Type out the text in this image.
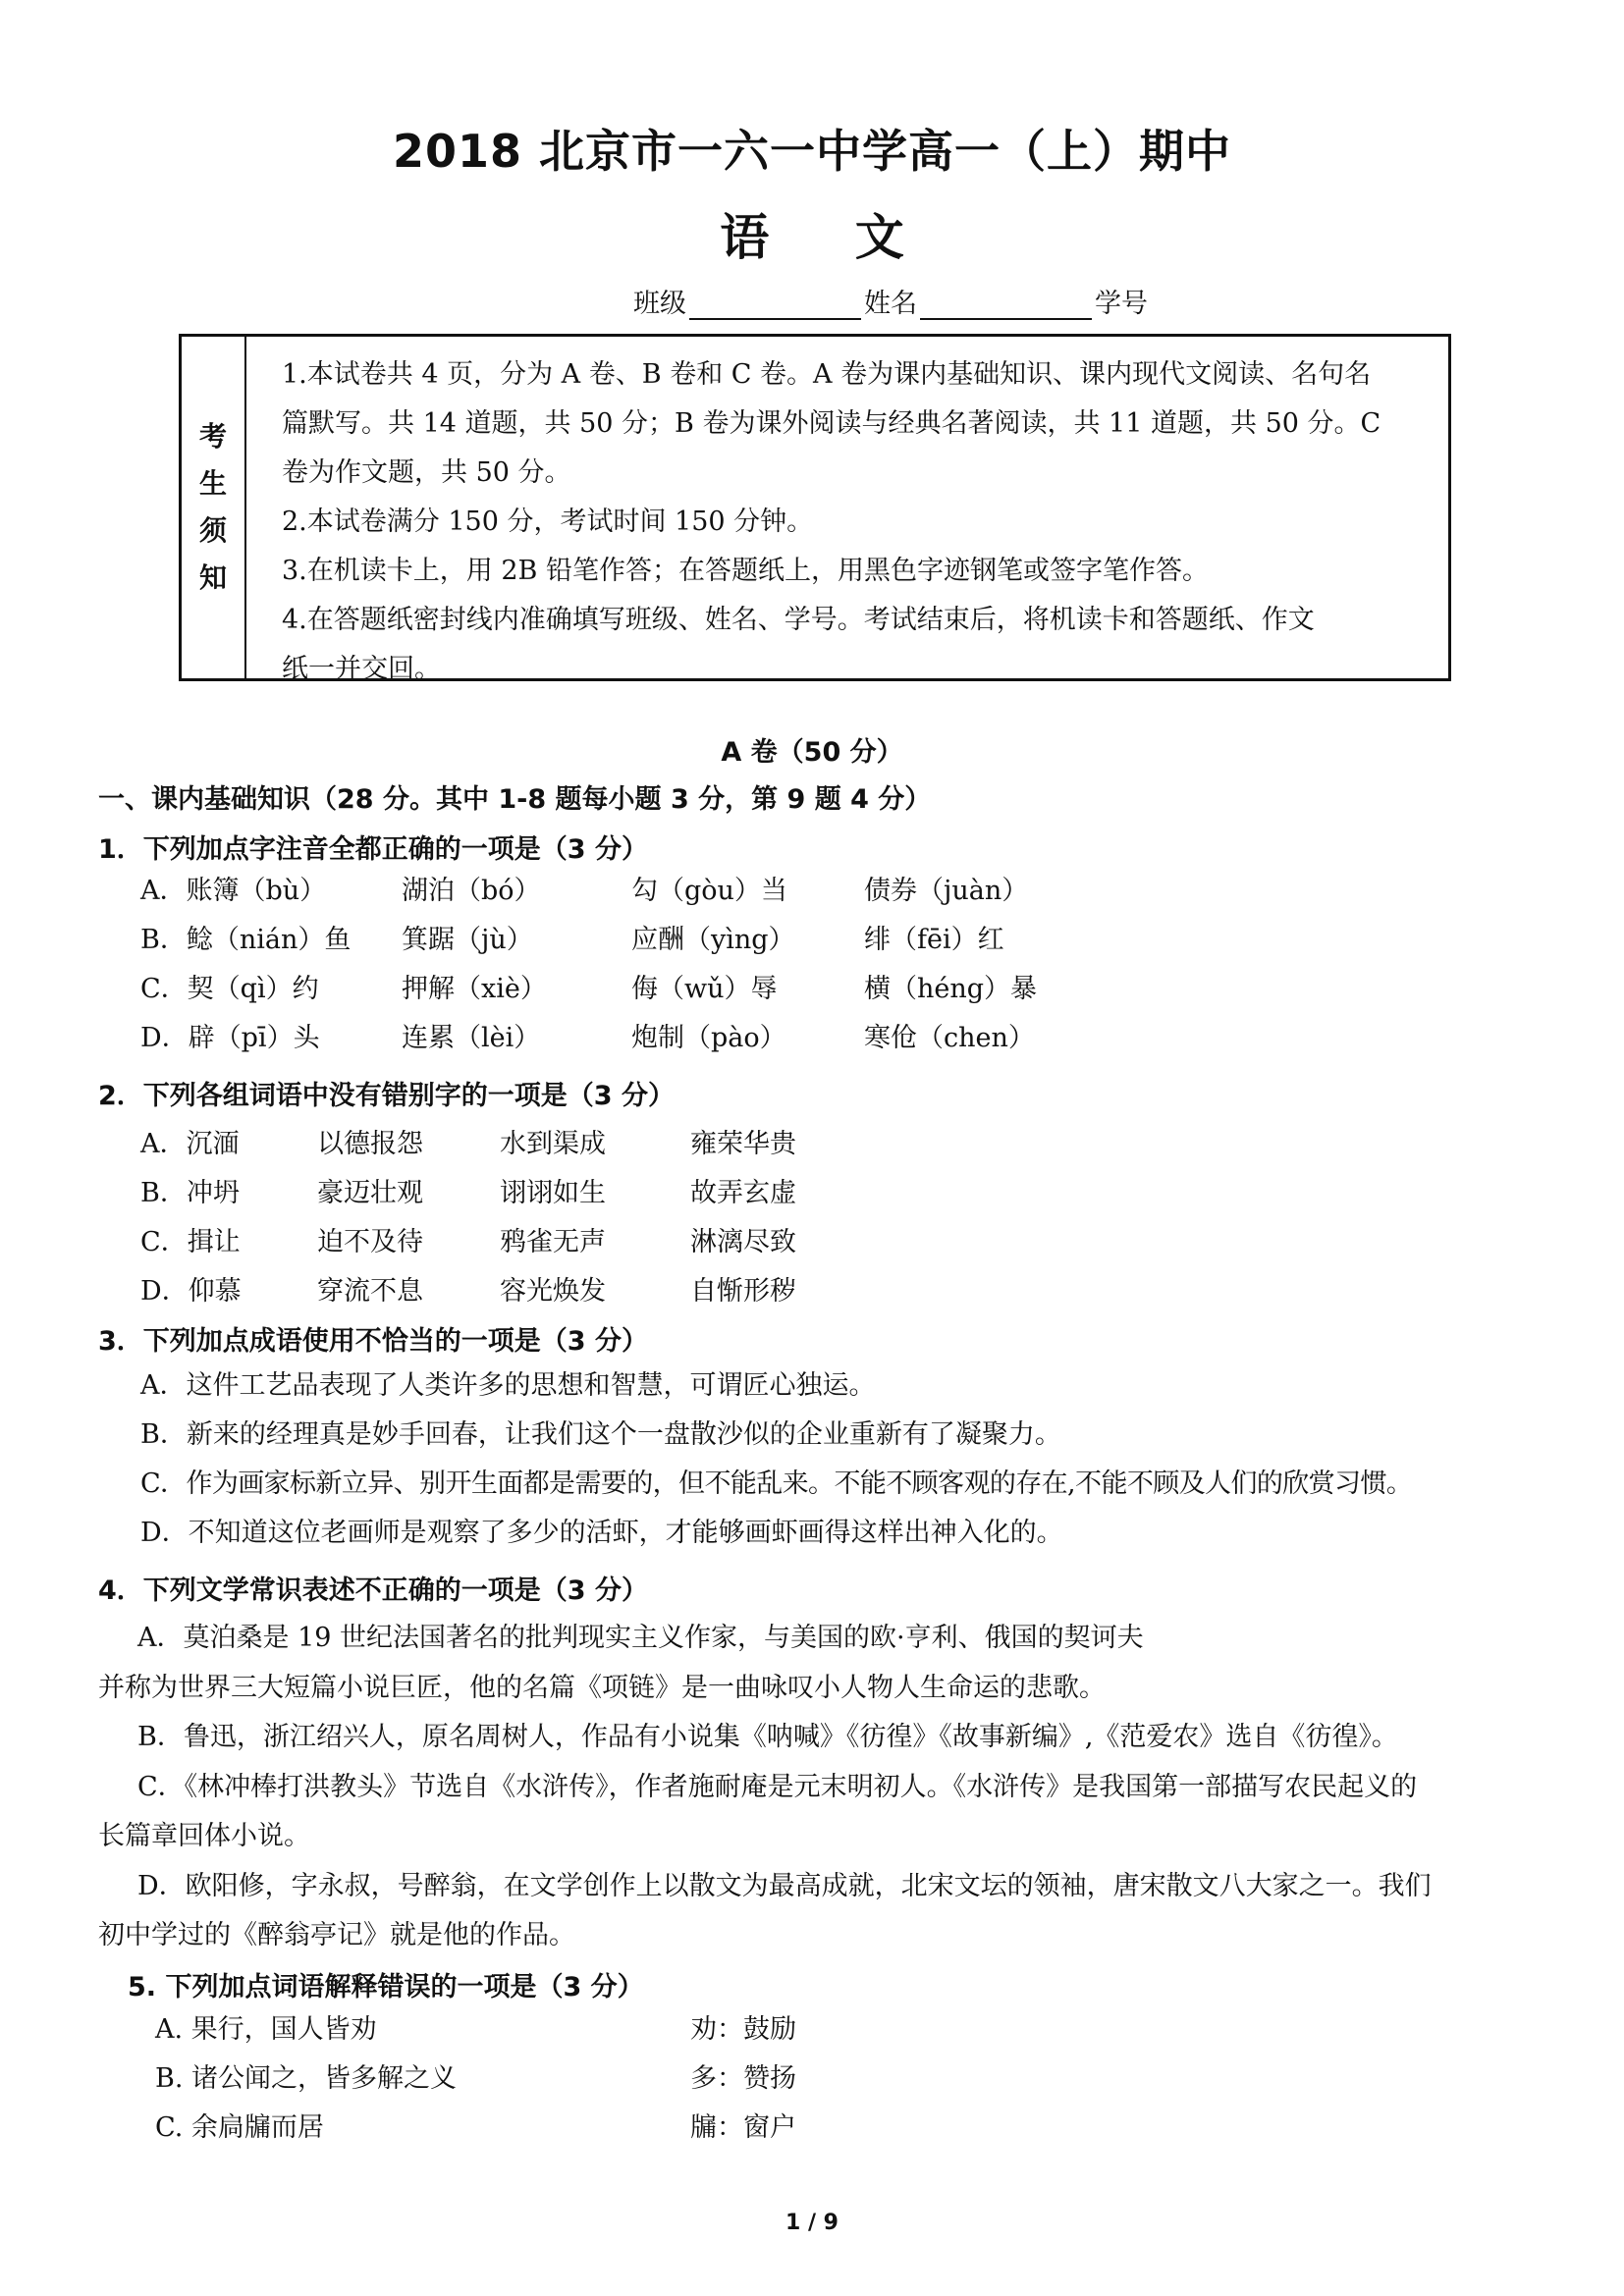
2018 北京市一六一中学高一（上）期中
语 文
班级	姓名	学号
考
生
须
知

1.本试卷共 4 页，分为 A 卷、B 卷和 C 卷。A 卷为课内基础知识、课内现代文阅读、名句名

篇默写。共 14 道题，共 50 分；B 卷为课外阅读与经典名著阅读，共 11 道题，共 50 分。C

卷为作文题，共 50 分。

2.本试卷满分 150 分，考试时间 150 分钟。

3.在机读卡上，用 2B 铅笔作答；在答题纸上，用黑色字迹钢笔或签字笔作答。

4.在答题纸密封线内准确填写班级、姓名、学号。考试结束后，将机读卡和答题纸、作文

纸一并交回。

A 卷（50 分）
一、课内基础知识（28 分。其中 1-8 题每小题 3 分，第 9 题 4 分）
1．下列加点字注音全都正确的一项是（3 分）
A．账簿（bù）	湖泊（bó）	勾（gòu）当	债券（juàn）
B．鲶（nián）鱼 箕踞（jù）	应酬（yìng）	绯（fēi）红
C．契（qì）约	押解（xiè）	侮（wǔ）辱	横（héng）暴
D．辟（pī）头	连累（lèi）	炮制（pào）	寒伧（chen）
2．下列各组词语中没有错别字的一项是（3 分）
A．沉湎	以德报怨	水到渠成	雍荣华贵
B．冲坍	豪迈壮观	诩诩如生	故弄玄虚
C．揖让	迫不及待	鸦雀无声	淋漓尽致
D．仰慕	穿流不息	容光焕发	自惭形秽
3．下列加点成语使用不恰当的一项是（3 分）
A．这件工艺品表现了人类许多的思想和智慧，可谓匠心独运。
B．新来的经理真是妙手回春，让我们这个一盘散沙似的企业重新有了凝聚力。
C．作为画家标新立异、别开生面都是需要的，但不能乱来。不能不顾客观的存在,不能不顾及人们的欣赏习惯。
D．不知道这位老画师是观察了多少的活虾，才能够画虾画得这样出神入化的。
4．下列文学常识表述不正确的一项是（3 分）
A．莫泊桑是 19 世纪法国著名的批判现实主义作家，与美国的欧·亨利、俄国的契诃夫
并称为世界三大短篇小说巨匠，他的名篇《项链》是一曲咏叹小人物人生命运的悲歌。
B．鲁迅，浙江绍兴人，原名周树人，作品有小说集《呐喊》《彷徨》《故事新编》,《范爱农》选自《彷徨》。
C．《林冲棒打洪教头》节选自《水浒传》，作者施耐庵是元末明初人。《水浒传》是我国第一部描写农民起义的
长篇章回体小说。
D．欧阳修，字永叔，号醉翁，在文学创作上以散文为最高成就，北宋文坛的领袖，唐宋散文八大家之一。我们
初中学过的《醉翁亭记》就是他的作品。
5. 下列加点词语解释错误的一项是（3 分）
A. 果行，国人皆劝	劝：鼓励
B. 诸公闻之，皆多解之义	多：赞扬
C. 余扃牖而居	牖：窗户
1 / 9
